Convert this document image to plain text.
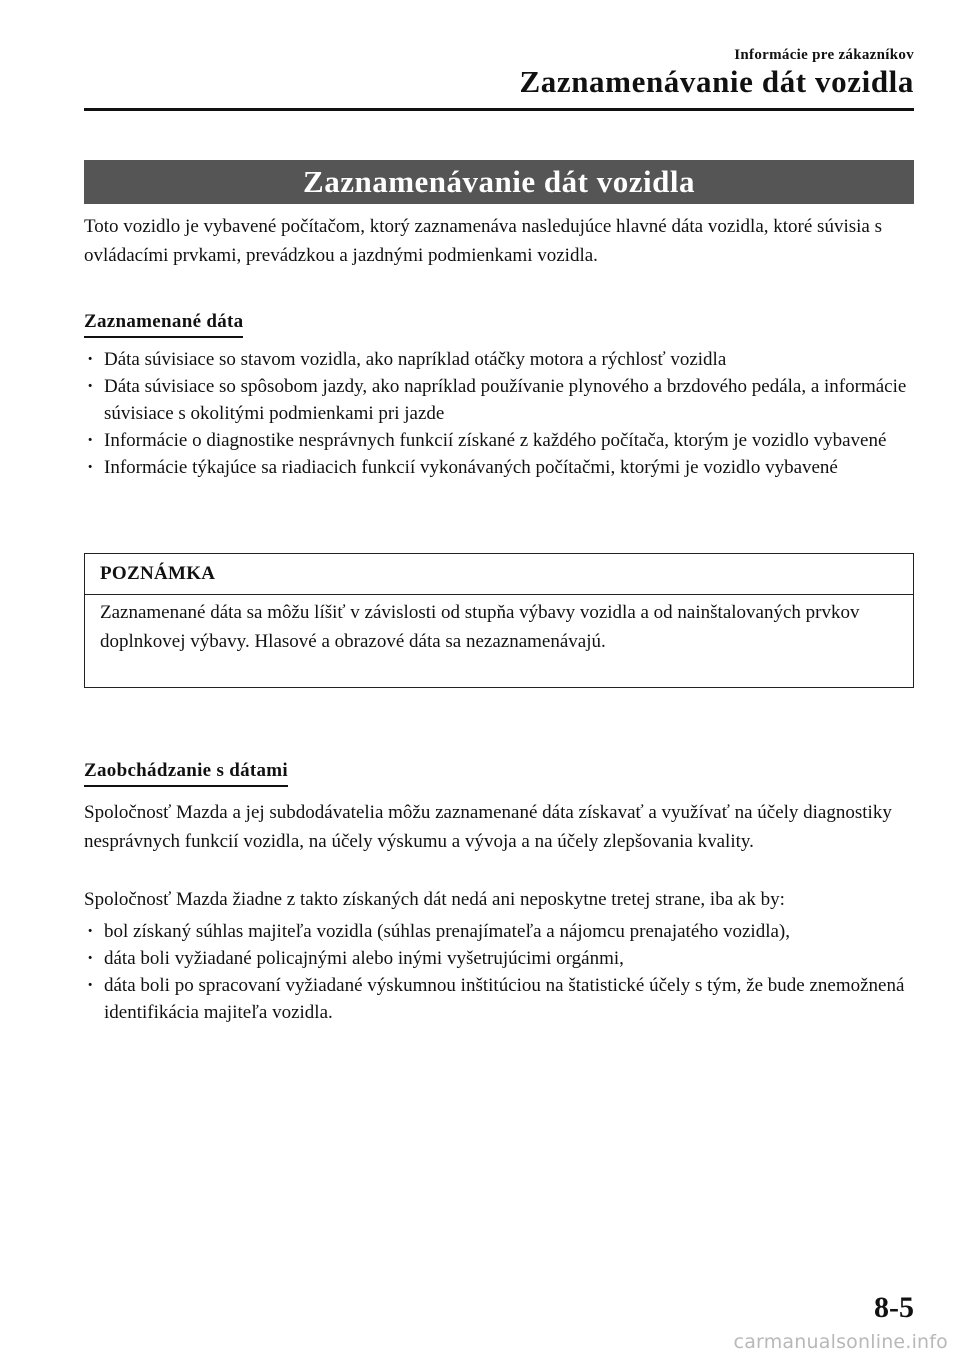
Informácie pre zákazníkov
Zaznamenávanie dát vozidla
Zaznamenávanie dát vozidla

Toto vozidlo je vybavené počítačom, ktorý zaznamenáva nasledujúce hlavné dáta vozidla, ktoré súvisia s ovládacími prvkami, prevádzkou a jazdnými podmienkami vozidla.

Zaznamenané dáta
· Dáta súvisiace so stavom vozidla, ako napríklad otáčky motora a rýchlosť vozidla
· Dáta súvisiace so spôsobom jazdy, ako napríklad používanie plynového a brzdového pedála, a informácie súvisiace s okolitými podmienkami pri jazde
· Informácie o diagnostike nesprávnych funkcií získané z každého počítača, ktorým je vozidlo vybavené
· Informácie týkajúce sa riadiacich funkcií vykonávaných počítačmi, ktorými je vozidlo vybavené
POZNÁMKA
Zaznamenané dáta sa môžu líšiť v závislosti od stupňa výbavy vozidla a od nainštalovaných prvkov doplnkovej výbavy. Hlasové a obrazové dáta sa nezaznamenávajú.
Zaobchádzanie s dátami

Spoločnosť Mazda a jej subdodávatelia môžu zaznamenané dáta získavať a využívať na účely diagnostiky nesprávnych funkcií vozidla, na účely výskumu a vývoja a na účely zlepšovania kvality.

Spoločnosť Mazda žiadne z takto získaných dát nedá ani neposkytne tretej strane, iba ak by:

· bol získaný súhlas majiteľa vozidla (súhlas prenajímateľa a nájomcu prenajatého vozidla),
· dáta boli vyžiadané policajnými alebo inými vyšetrujúcimi orgánmi,
· dáta boli po spracovaní vyžiadané výskumnou inštitúciou na štatistické účely s tým, že bude znemožnená identifikácia majiteľa vozidla.
8-5
carmanualsonline.info
